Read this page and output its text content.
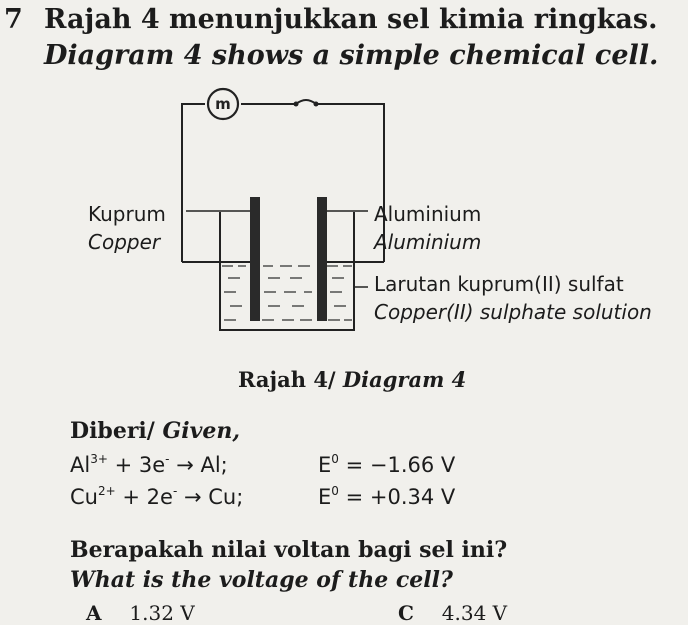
7 Rajah 4 menunjukkan sel kimia ringkas.
Diagram 4 shows a simple chemical cell.
m
Kuprum
Copper
Aluminium
Aluminium
Larutan kuprum(II) sulfat
Copper(II) sulphate solution
Rajah 4/ Diagram 4
Diberi/ Given,
$Al^{3+} + 3e^- \to Al$;	$E^0 = -1.66$ V
$Cu^{2+} + 2e^- \to Cu$;	$E^0 = +0.34$ V
Berapakah nilai voltan bagi sel ini?
What is the voltage of the cell?
A 1.32 V	C 4.34 V
